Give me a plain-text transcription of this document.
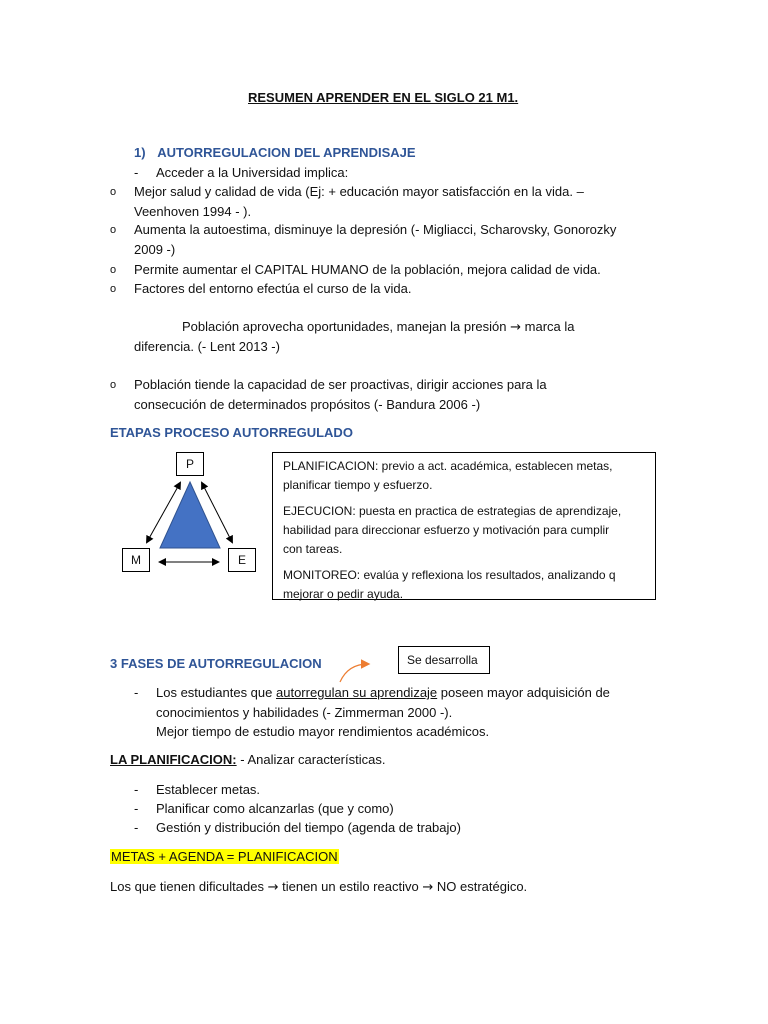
RESUMEN APRENDER EN EL SIGLO 21 M1.
1) AUTORREGULACION DEL APRENDISAJE
- Acceder a la Universidad implica:
o Mejor salud y calidad de vida (Ej: + educación mayor satisfacción en la vida. –
Veenhoven 1994 - ).
o Aumenta la autoestima, disminuye la depresión (- Migliacci, Scharovsky, Gonorozky
2009 -)
o Permite aumentar el CAPITAL HUMANO de la población, mejora calidad de vida.
o Factores del entorno efectúa el curso de la vida.
Población aprovecha oportunidades, manejan la presión → marca la
diferencia. (- Lent 2013 -)
o Población tiende la capacidad de ser proactivas, dirigir acciones para la
consecución de determinados propósitos (- Bandura 2006 -)
ETAPAS PROCESO AUTORREGULADO
P
M	E

PLANIFICACION: previo a act. académica, establecen metas,
planificar tiempo y esfuerzo.

EJECUCION: puesta en practica de estrategias de aprendizaje,
habilidad para direccionar esfuerzo y motivación para cumplir
con tareas.

MONITOREO: evalúa y reflexiona los resultados, analizando q
mejorar o pedir ayuda.

3 FASES DE AUTORREGULACION	Se desarrolla
- Los estudiantes que autorregulan su aprendizaje poseen mayor adquisición de
conocimientos y habilidades (- Zimmerman 2000 -).
Mejor tiempo de estudio mayor rendimientos académicos.
LA PLANIFICACION: - Analizar características.
- Establecer metas.
- Planificar como alcanzarlas (que y como)
- Gestión y distribución del tiempo (agenda de trabajo)
METAS + AGENDA = PLANIFICACION
Los que tienen dificultades → tienen un estilo reactivo → NO estratégico.
